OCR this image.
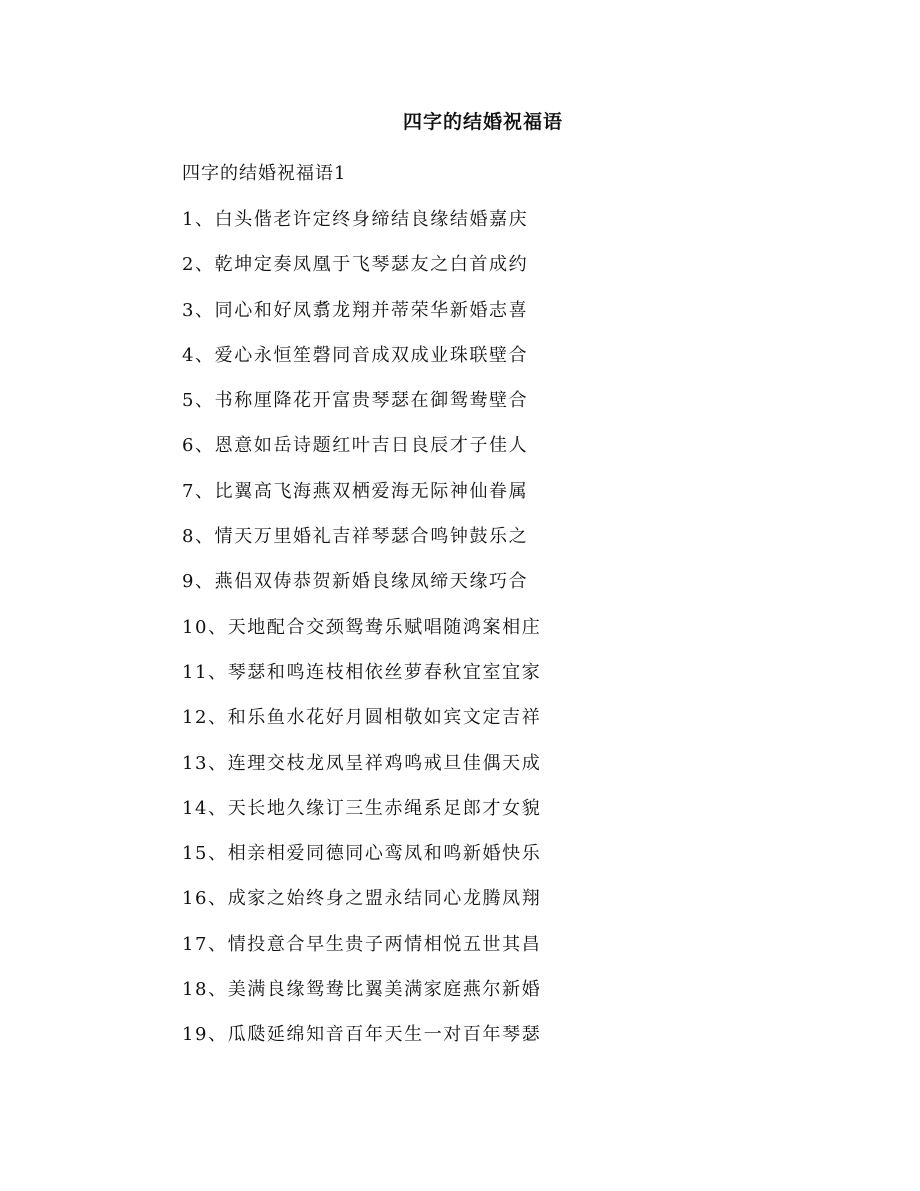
四字的结婚祝福语
四字的结婚祝福语1
1、白头偕老许定终身缔结良缘结婚嘉庆
2、乾坤定奏凤凰于飞琴瑟友之白首成约
3、同心和好凤翥龙翔并蒂荣华新婚志喜
4、爱心永恒笙磬同音成双成业珠联壁合
5、书称厘降花开富贵琴瑟在御鸳鸯壁合
6、恩意如岳诗题红叶吉日良辰才子佳人
7、比翼高飞海燕双栖爱海无际神仙眷属
8、情天万里婚礼吉祥琴瑟合鸣钟鼓乐之
9、燕侣双俦恭贺新婚良缘凤缔天缘巧合
10、天地配合交颈鸳鸯乐赋唱随鸿案相庄
11、琴瑟和鸣连枝相依丝萝春秋宜室宜家
12、和乐鱼水花好月圆相敬如宾文定吉祥
13、连理交枝龙凤呈祥鸡鸣戒旦佳偶天成
14、天长地久缘订三生赤绳系足郎才女貌
15、相亲相爱同德同心鸾凤和鸣新婚快乐
16、成家之始终身之盟永结同心龙腾凤翔
17、情投意合早生贵子两情相悦五世其昌
18、美满良缘鸳鸯比翼美满家庭燕尔新婚
19、瓜瓞延绵知音百年天生一对百年琴瑟
